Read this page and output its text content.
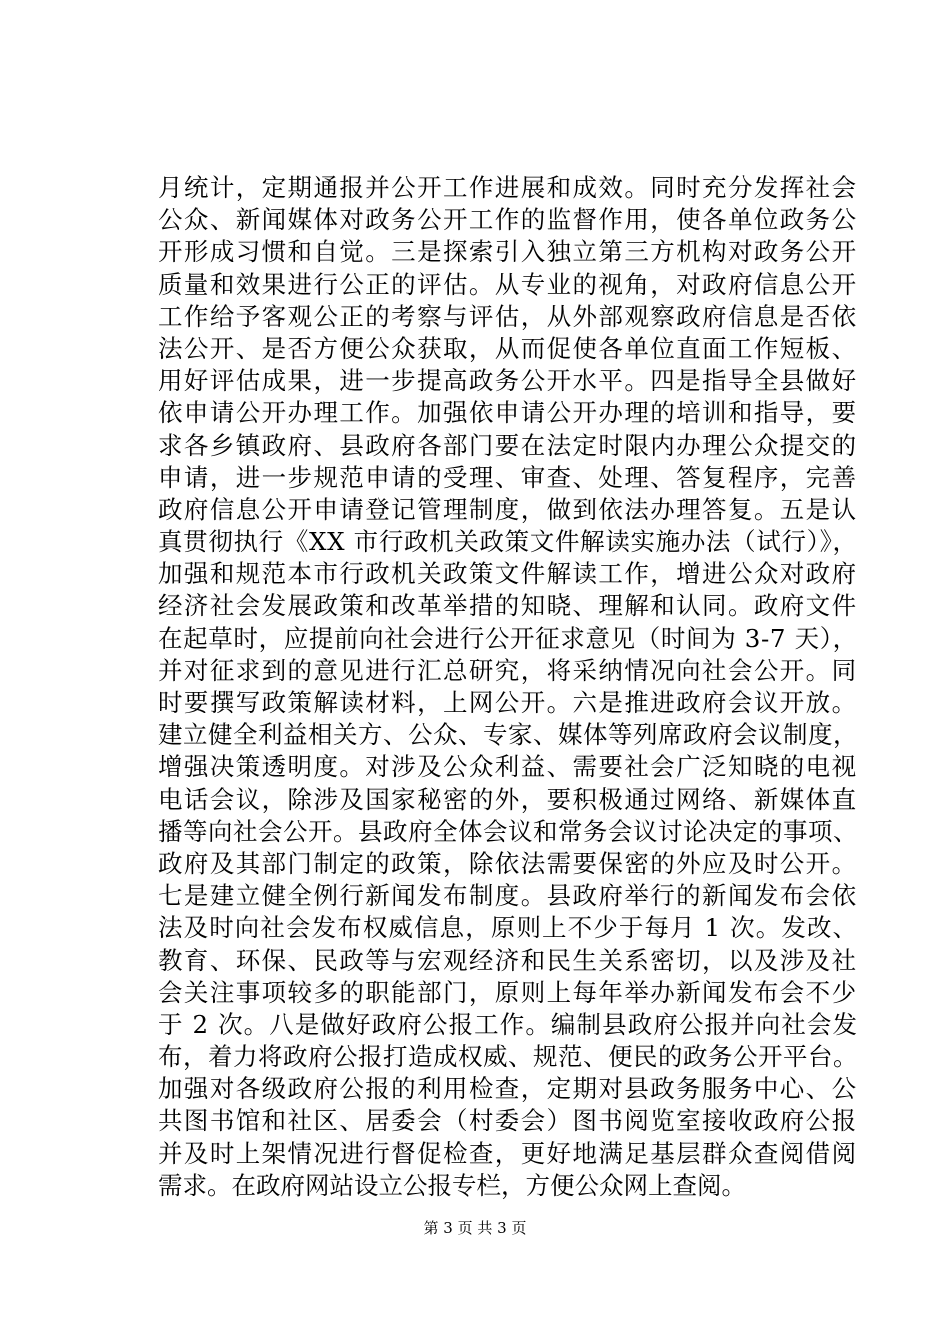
月统计，定期通报并公开工作进展和成效。同时充分发挥社会
公众、新闻媒体对政务公开工作的监督作用，使各单位政务公
开形成习惯和自觉。三是探索引入独立第三方机构对政务公开
质量和效果进行公正的评估。从专业的视角，对政府信息公开
工作给予客观公正的考察与评估，从外部观察政府信息是否依
法公开、是否方便公众获取，从而促使各单位直面工作短板、
用好评估成果，进一步提高政务公开水平。四是指导全县做好
依申请公开办理工作。加强依申请公开办理的培训和指导，要
求各乡镇政府、县政府各部门要在法定时限内办理公众提交的
申请，进一步规范申请的受理、审查、处理、答复程序，完善
政府信息公开申请登记管理制度，做到依法办理答复。五是认
真贯彻执行《XX 市行政机关政策文件解读实施办法（试行）》，
加强和规范本市行政机关政策文件解读工作，增进公众对政府
经济社会发展政策和改革举措的知晓、理解和认同。政府文件
在起草时，应提前向社会进行公开征求意见（时间为 3-7 天），
并对征求到的意见进行汇总研究，将采纳情况向社会公开。同
时要撰写政策解读材料，上网公开。六是推进政府会议开放。
建立健全利益相关方、公众、专家、媒体等列席政府会议制度，
增强决策透明度。对涉及公众利益、需要社会广泛知晓的电视
电话会议，除涉及国家秘密的外，要积极通过网络、新媒体直
播等向社会公开。县政府全体会议和常务会议讨论决定的事项、
政府及其部门制定的政策，除依法需要保密的外应及时公开。
七是建立健全例行新闻发布制度。县政府举行的新闻发布会依
法及时向社会发布权威信息，原则上不少于每月 1 次。发改、
教育、环保、民政等与宏观经济和民生关系密切，以及涉及社
会关注事项较多的职能部门，原则上每年举办新闻发布会不少
于 2 次。八是做好政府公报工作。编制县政府公报并向社会发
布，着力将政府公报打造成权威、规范、便民的政务公开平台。
加强对各级政府公报的利用检查，定期对县政务服务中心、公
共图书馆和社区、居委会（村委会）图书阅览室接收政府公报
并及时上架情况进行督促检查，更好地满足基层群众查阅借阅
需求。在政府网站设立公报专栏，方便公众网上查阅。
第 3 页 共 3 页
